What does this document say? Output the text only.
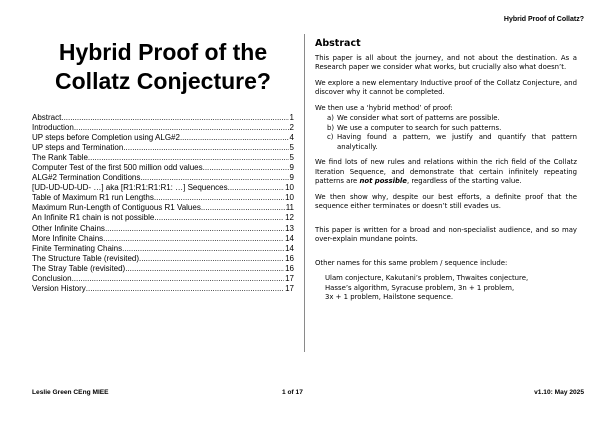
Hybrid Proof of Collatz?
Hybrid Proof of the
Collatz Conjecture?
Abstract .....	1
Introduction .....	2
UP steps before Completion using ALG#2 .....	4
UP steps and Termination .....	5
The Rank Table .....	5
Computer Test of the first 500 million odd values .....	9
ALG#2 Termination Conditions .....	9
[UD-UD-UD-UD- …] aka [R1:R1:R1:R1: …] Sequences .....	10
Table of Maximum R1 run Lengths .....	10
Maximum Run-Length of Contiguous R1 Values .....	11
An Infinite R1 chain is not possible .....	12
Other Infinite Chains .....	13
More Infinite Chains .....	14
Finite Terminating Chains .....	14
The Structure Table (revisited) .....	16
The Stray Table (revisited) .....	16
Conclusion .....	17
Version History .....	17
Abstract
This paper is all about the journey, and not about the destination. As a Research paper we consider what works, but crucially also what doesn’t.
We explore a new elementary Inductive proof of the Collatz Conjecture, and discover why it cannot be completed.
We then use a ‘hybrid method’ of proof:
a) We consider what sort of patterns are possible.
b) We use a computer to search for such patterns.
c) Having found a pattern, we justify and quantify that pattern analytically.
We find lots of new rules and relations within the rich field of the Collatz Iteration Sequence, and demonstrate that certain infinitely repeating patterns are not possible, regardless of the starting value.
We then show why, despite our best efforts, a definite proof that the sequence either terminates or doesn’t still evades us.
This paper is written for a broad and non-specialist audience, and so may over-explain mundane points.
Other names for this same problem / sequence include:
Ulam conjecture, Kakutani’s problem, Thwaites conjecture,
Hasse’s algorithm, Syracuse problem, 3n + 1 problem,
3x + 1 problem, Hailstone sequence.
Leslie Green CEng MIEE	1 of 17	v1.10: May 2025
